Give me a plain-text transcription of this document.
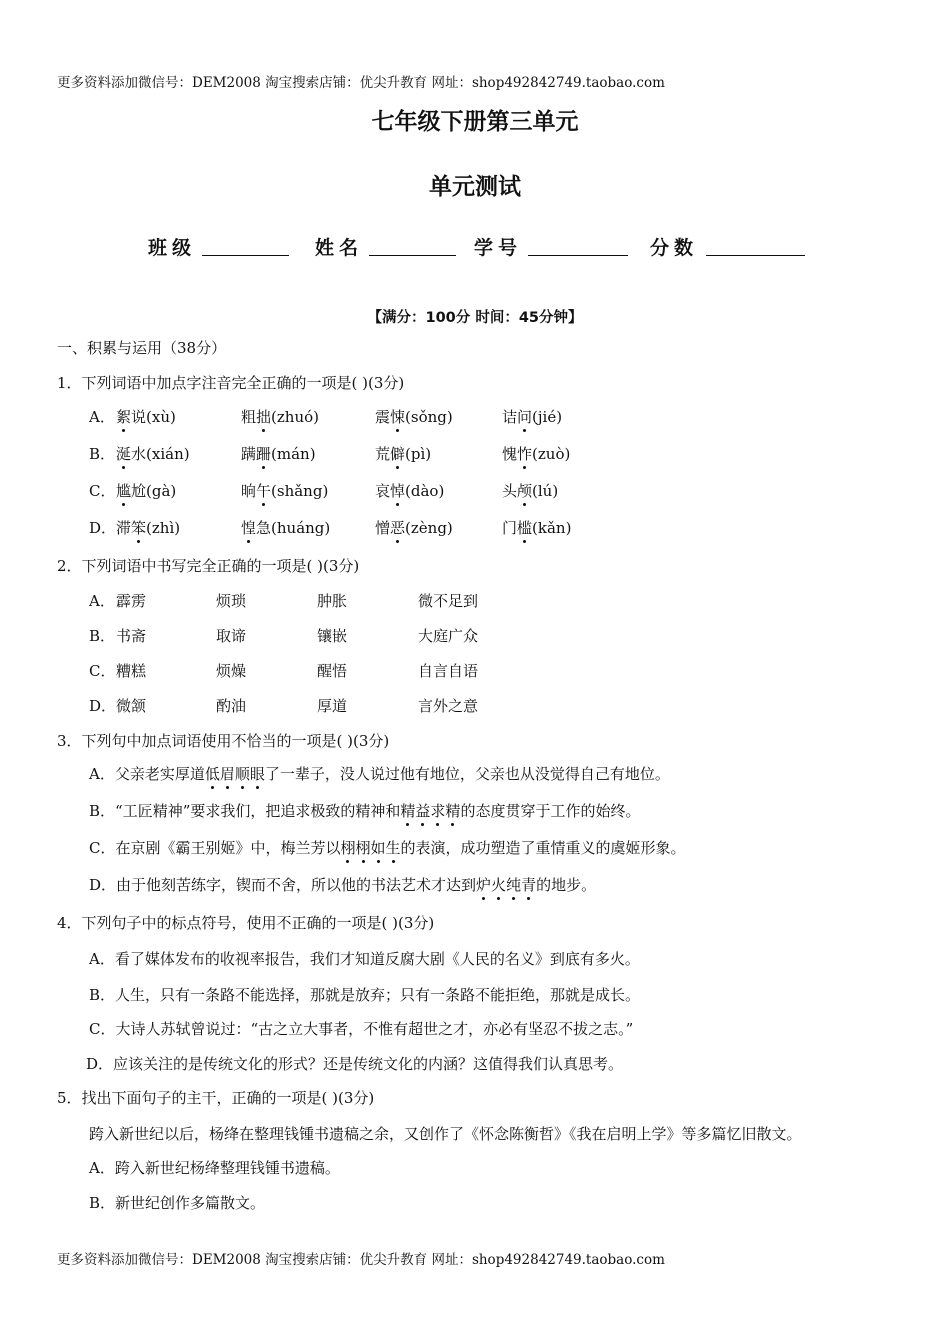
更多资料添加微信号：DEM2008 淘宝搜索店铺：优尖升教育 网址：shop492842749.taobao.com
七年级下册第三单元
单元测试
班级	姓名	学号	分数
【满分：100分 时间：45分钟】
一、积累与运用（38分）
1．下列词语中加点字注音完全正确的一项是( )(3分)
A． 絮说(xù)	粗拙(zhuó)	震悚(sǒng)	诘问(jié)
B． 涎水(xián)	蹒跚(mán)	荒僻(pì)	愧怍(zuò)
C． 尴尬(gà)	晌午(shǎng)	哀悼(dào)	头颅(lú)
D． 滞笨(zhì)	惶急(huáng)	憎恶(zèng)	门槛(kǎn)
2．下列词语中书写完全正确的一项是( )(3分)
A． 霹雳	烦琐	肿胀	微不足到
B． 书斋	取谛	镶嵌	大庭广众
C． 糟糕	烦燥	醒悟	自言自语
D． 微颔	酌油	厚道	言外之意
3．下列句中加点词语使用不恰当的一项是( )(3分)
A．父亲老实厚道低眉顺眼了一辈子，没人说过他有地位，父亲也从没觉得自己有地位。
B．“工匠精神”要求我们，把追求极致的精神和精益求精的态度贯穿于工作的始终。
C．在京剧《霸王别姬》中，梅兰芳以栩栩如生的表演，成功塑造了重情重义的虞姬形象。
D．由于他刻苦练字，锲而不舍，所以他的书法艺术才达到炉火纯青的地步。
4．下列句子中的标点符号，使用不正确的一项是( )(3分)
A．看了媒体发布的收视率报告，我们才知道反腐大剧《人民的名义》到底有多火。
B．人生，只有一条路不能选择，那就是放弃；只有一条路不能拒绝，那就是成长。
C．大诗人苏轼曾说过：“古之立大事者，不惟有超世之才，亦必有坚忍不拔之志。”
D．应该关注的是传统文化的形式？还是传统文化的内涵？这值得我们认真思考。
5．找出下面句子的主干，正确的一项是( )(3分)
跨入新世纪以后，杨绛在整理钱锺书遗稿之余，又创作了《怀念陈衡哲》《我在启明上学》等多篇忆旧散文。
A．跨入新世纪杨绛整理钱锺书遗稿。
B．新世纪创作多篇散文。
更多资料添加微信号：DEM2008 淘宝搜索店铺：优尖升教育 网址：shop492842749.taobao.com
